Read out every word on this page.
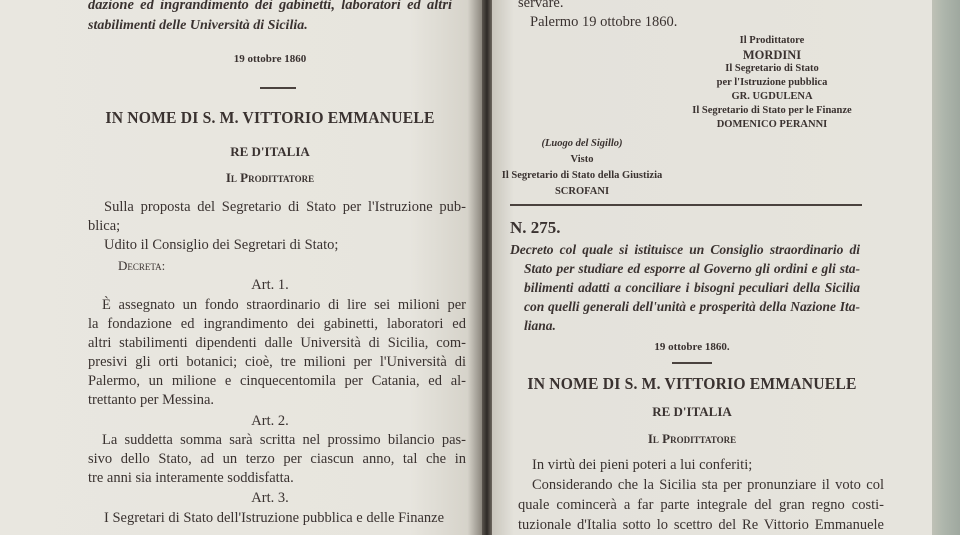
dazione ed ingrandimento dei gabinetti, laboratori ed altri
stabilimenti delle Università di Sicilia.
19 ottobre 1860
IN NOME DI S. M. VITTORIO EMMANUELE
RE D'ITALIA
Il Prodittatore
Sulla proposta del Segretario di Stato per l'Istruzione pub-
blica;
Udito il Consiglio dei Segretari di Stato;
Decreta:
Art. 1.
È assegnato un fondo straordinario di lire sei milioni per
la fondazione ed ingrandimento dei gabinetti, laboratori ed
altri stabilimenti dipendenti dalle Università di Sicilia, com-
presivi gli orti botanici; cioè, tre milioni per l'Università di
Palermo, un milione e cinquecentomila per Catania, ed al-
trettanto per Messina.
Art. 2.
La suddetta somma sarà scritta nel prossimo bilancio pas-
sivo dello Stato, ad un terzo per ciascun anno, tal che in
tre anni sia interamente soddisfatta.
Art. 3.
I Segretari di Stato dell'Istruzione pubblica e delle Finanze
servare.
Palermo 19 ottobre 1860.
Il Prodittatore
MORDINI
Il Segretario di Stato
per l'Istruzione pubblica
GR. UGDULENA
Il Segretario di Stato per le Finanze
DOMENICO PERANNI
(Luogo del Sigillo)
Visto
Il Segretario di Stato della Giustizia
SCROFANI
N. 275.
Decreto col quale si istituisce un Consiglio straordinario di
Stato per studiare ed esporre al Governo gli ordini e gli sta-
bilimenti adatti a conciliare i bisogni peculiari della Sicilia
con quelli generali dell'unità e prosperità della Nazione Ita-
liana.
19 ottobre 1860.
IN NOME DI S. M. VITTORIO EMMANUELE
RE D'ITALIA
Il Prodittatore
In virtù dei pieni poteri a lui conferiti;
Considerando che la Sicilia sta per pronunziare il voto col
quale comincerà a far parte integrale del gran regno costi-
tuzionale d'Italia sotto lo scettro del Re Vittorio Emmanuele
